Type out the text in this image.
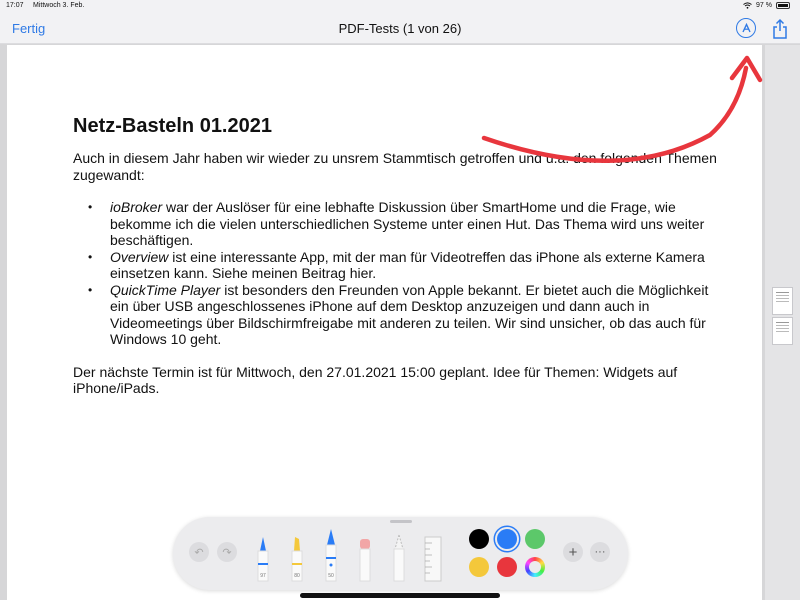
17:07 Mittwoch 3. Feb.	97 %
Fertig	PDF-Tests (1 von 26)
Netz-Basteln 01.2021

Auch in diesem Jahr haben wir wieder zu unsrem Stammtisch getroffen und u.a. den folgenden Themen zugewandt:

• ioBroker war der Auslöser für eine lebhafte Diskussion über SmartHome und die Frage, wie bekomme ich die vielen unterschiedlichen Systeme unter einen Hut. Das Thema wird uns weiter beschäftigen.
• Overview ist eine interessante App, mit der man für Videotreffen das iPhone als externe Kamera einsetzen kann. Siehe meinen Beitrag hier.
• QuickTime Player ist besonders den Freunden von Apple bekannt. Er bietet auch die Möglichkeit ein über USB angeschlossenes iPhone auf dem Desktop anzuzeigen und dann auch in Videomeetings über Bildschirmfreigabe mit anderen zu teilen. Wir sind unsicher, ob das auch für Windows 10 geht.

Der nächste Termin ist für Mittwoch, den 27.01.2021 15:00 geplant. Idee für Themen: Widgets auf iPhone/iPads.

↶	↷
97	80	50
+	···
